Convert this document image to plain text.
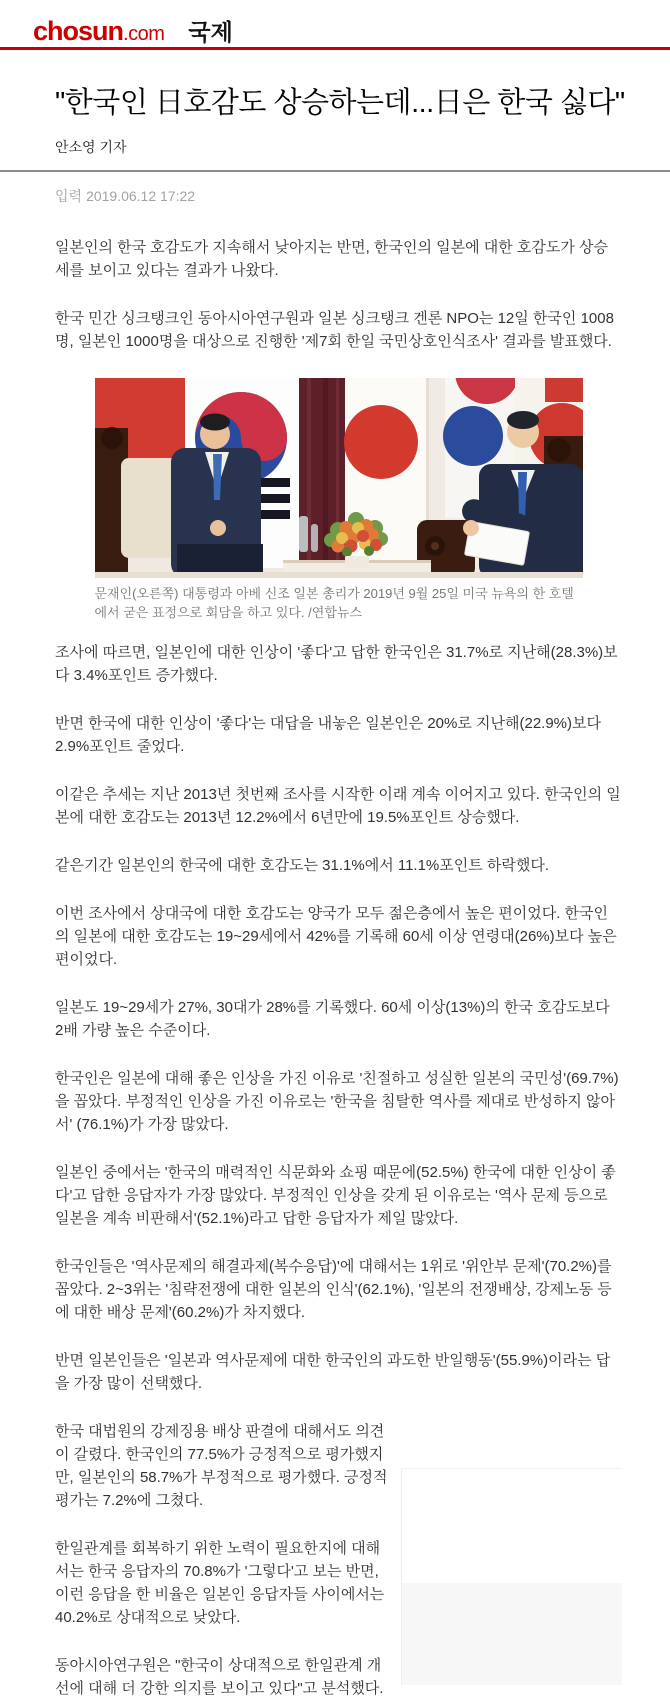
chosun .com 국제
"한국인 日호감도 상승하는데...日은 한국 싫다"
안소영 기자
입력 2019.06.12 17:22

일본인의 한국 호감도가 지속해서 낮아지는 반면, 한국인의 일본에 대한 호감도가 상승세를 보이고 있다는 결과가 나왔다.

한국 민간 싱크탱크인 동아시아연구원과 일본 싱크탱크 겐론 NPO는 12일 한국인 1008명, 일본인 1000명을 대상으로 진행한 '제7회 한일 국민상호인식조사' 결과를 발표했다.

문재인(오른쪽) 대통령과 아베 신조 일본 총리가 2019년 9월 25일 미국 뉴욕의 한 호텔에서 굳은 표정으로 회담을 하고 있다. /연합뉴스

조사에 따르면, 일본인에 대한 인상이 '좋다'고 답한 한국인은 31.7%로 지난해(28.3%)보다 3.4%포인트 증가했다.

반면 한국에 대한 인상이 '좋다'는 대답을 내놓은 일본인은 20%로 지난해(22.9%)보다 2.9%포인트 줄었다.

이같은 추세는 지난 2013년 첫번째 조사를 시작한 이래 계속 이어지고 있다. 한국인의 일본에 대한 호감도는 2013년 12.2%에서 6년만에 19.5%포인트 상승했다.

같은기간 일본인의 한국에 대한 호감도는 31.1%에서 11.1%포인트 하락했다.

이번 조사에서 상대국에 대한 호감도는 양국가 모두 젊은층에서 높은 편이었다. 한국인의 일본에 대한 호감도는 19~29세에서 42%를 기록해 60세 이상 연령대(26%)보다 높은 편이었다.

일본도 19~29세가 27%, 30대가 28%를 기록했다. 60세 이상(13%)의 한국 호감도보다 2배 가량 높은 수준이다.

한국인은 일본에 대해 좋은 인상을 가진 이유로 '친절하고 성실한 일본의 국민성'(69.7%)을 꼽았다. 부정적인 인상을 가진 이유로는 '한국을 침탈한 역사를 제대로 반성하지 않아서' (76.1%)가 가장 많았다.

일본인 중에서는 '한국의 매력적인 식문화와 쇼핑 때문에(52.5%) 한국에 대한 인상이 좋다'고 답한 응답자가 가장 많았다. 부정적인 인상을 갖게 된 이유로는 '역사 문제 등으로 일본을 계속 비판해서'(52.1%)라고 답한 응답자가 제일 많았다.

한국인들은 '역사문제의 해결과제(복수응답)'에 대해서는 1위로 '위안부 문제'(70.2%)를 꼽았다. 2~3위는 '침략전쟁에 대한 일본의 인식'(62.1%), '일본의 전쟁배상, 강제노동 등에 대한 배상 문제'(60.2%)가 차지했다.

반면 일본인들은 '일본과 역사문제에 대한 한국인의 과도한 반일행동'(55.9%)이라는 답을 가장 많이 선택했다.

한국 대법원의 강제징용 배상 판결에 대해서도 의견이 갈렸다. 한국인의 77.5%가 긍정적으로 평가했지만, 일본인의 58.7%가 부정적으로 평가했다. 긍정적 평가는 7.2%에 그쳤다.

한일관계를 회복하기 위한 노력이 필요한지에 대해서는 한국 응답자의 70.8%가 '그렇다'고 보는 반면, 이런 응답을 한 비율은 일본인 응답자들 사이에서는 40.2%로 상대적으로 낮았다.

동아시아연구원은 "한국이 상대적으로 한일관계 개선에 대해 더 강한 의지를 보이고 있다"고 분석했다.
